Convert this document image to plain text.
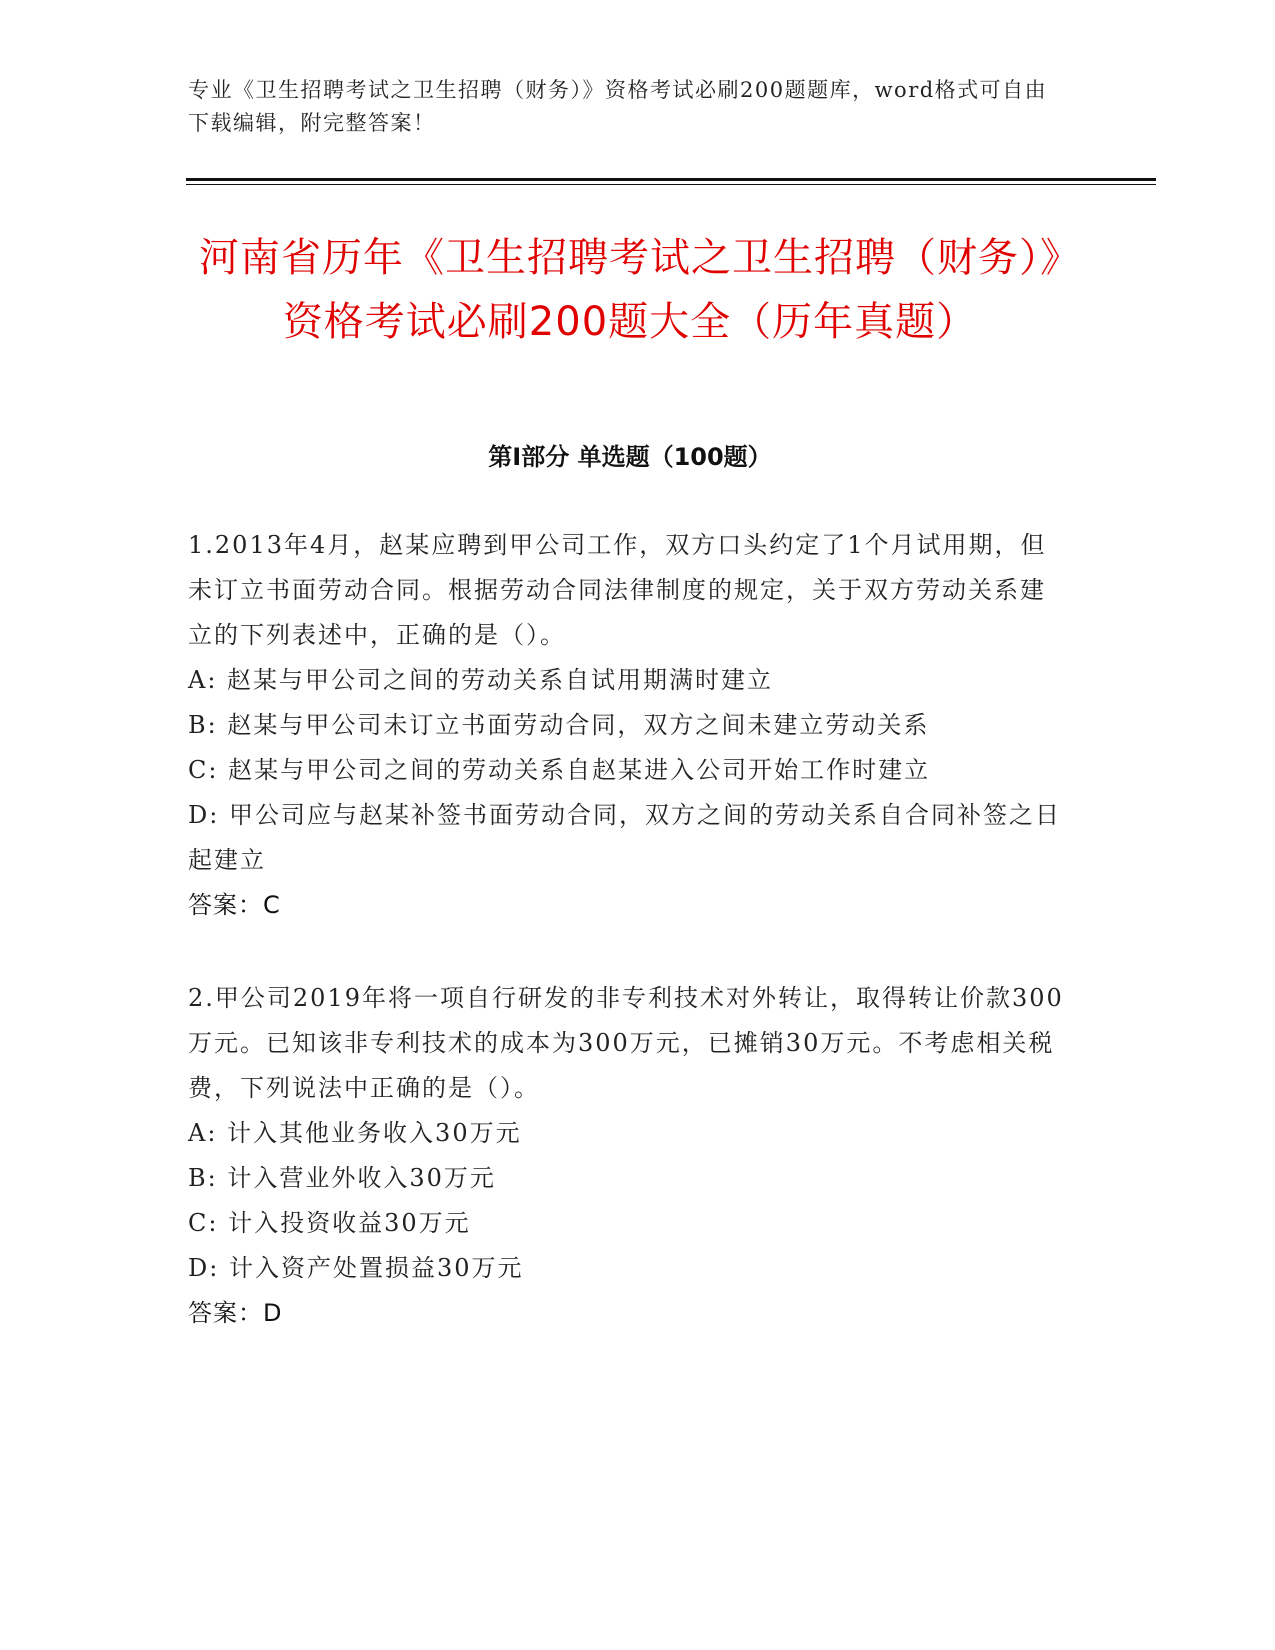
专业《卫生招聘考试之卫生招聘（财务）》资格考试必刷200题题库，word格式可自由下载编辑，附完整答案！
河南省历年《卫生招聘考试之卫生招聘（财务）》资格考试必刷200题大全（历年真题）
第I部分 单选题（100题）

1.2013年4月，赵某应聘到甲公司工作，双方口头约定了1个月试用期，但未订立书面劳动合同。根据劳动合同法律制度的规定，关于双方劳动关系建立的下列表述中，正确的是（）。

A: 赵某与甲公司之间的劳动关系自试用期满时建立

B: 赵某与甲公司未订立书面劳动合同，双方之间未建立劳动关系

C: 赵某与甲公司之间的劳动关系自赵某进入公司开始工作时建立

D: 甲公司应与赵某补签书面劳动合同，双方之间的劳动关系自合同补签之日起建立

答案：C

2.甲公司2019年将一项自行研发的非专利技术对外转让，取得转让价款300万元。已知该非专利技术的成本为300万元，已摊销30万元。不考虑相关税费，下列说法中正确的是（）。

A: 计入其他业务收入30万元

B: 计入营业外收入30万元

C: 计入投资收益30万元

D: 计入资产处置损益30万元

答案：D
